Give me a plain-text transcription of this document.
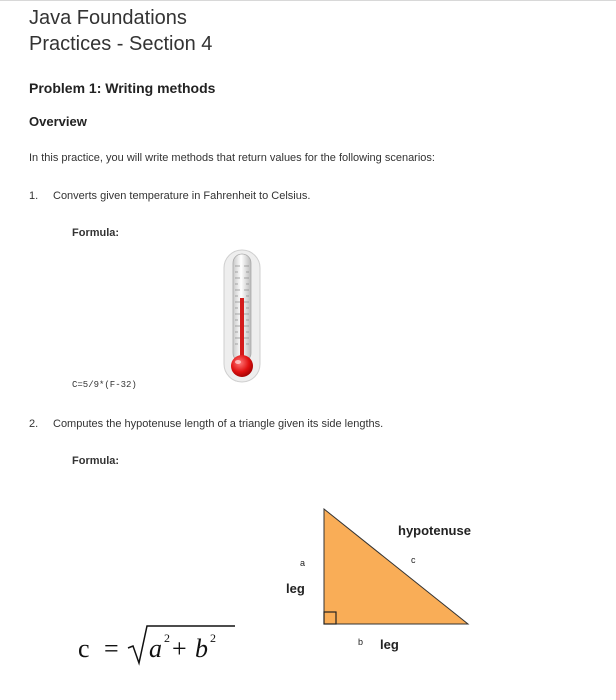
Java Foundations
Practices - Section 4
Problem 1: Writing methods
Overview
In this practice, you will write methods that return values for the following scenarios:
1. Converts given temperature in Fahrenheit to Celsius.
Formula:
C=5/9*(F-32)
2. Computes the hypotenuse length of a triangle given its side lengths.
Formula:
hypotenuse
c
a
leg
b leg
c = a 2 + b 2
